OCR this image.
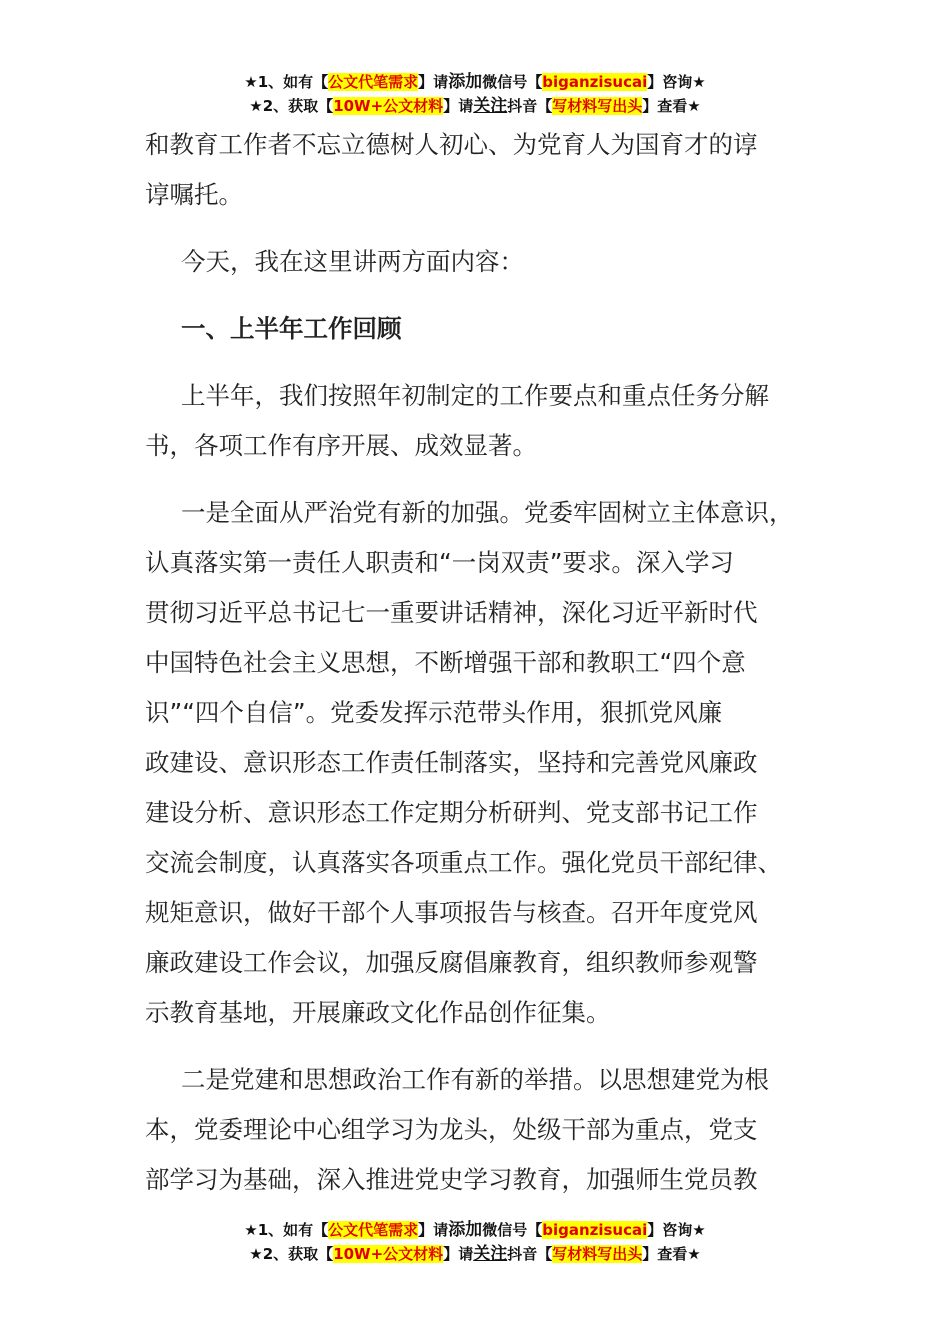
★1、如有【公文代笔需求】请添加微信号【biganzisucai】咨询★
★2、获取【10W+公文材料】请关注抖音【写材料写出头】查看★

和教育工作者不忘立德树人初心、为党育人为国育才的谆
谆嘱托。

今天，我在这里讲两方面内容：

一、上半年工作回顾

上半年，我们按照年初制定的工作要点和重点任务分解
书，各项工作有序开展、成效显著。

一是全面从严治党有新的加强。党委牢固树立主体意识，
认真落实第一责任人职责和“一岗双责”要求。深入学习
贯彻习近平总书记七一重要讲话精神，深化习近平新时代
中国特色社会主义思想，不断增强干部和教职工“四个意
识”“四个自信”。党委发挥示范带头作用，狠抓党风廉
政建设、意识形态工作责任制落实，坚持和完善党风廉政
建设分析、意识形态工作定期分析研判、党支部书记工作
交流会制度，认真落实各项重点工作。强化党员干部纪律、
规矩意识，做好干部个人事项报告与核查。召开年度党风
廉政建设工作会议，加强反腐倡廉教育，组织教师参观警
示教育基地，开展廉政文化作品创作征集。

二是党建和思想政治工作有新的举措。以思想建党为根
本，党委理论中心组学习为龙头，处级干部为重点，党支
部学习为基础，深入推进党史学习教育，加强师生党员教

★1、如有【公文代笔需求】请添加微信号【biganzisucai】咨询★
★2、获取【10W+公文材料】请关注抖音【写材料写出头】查看★
